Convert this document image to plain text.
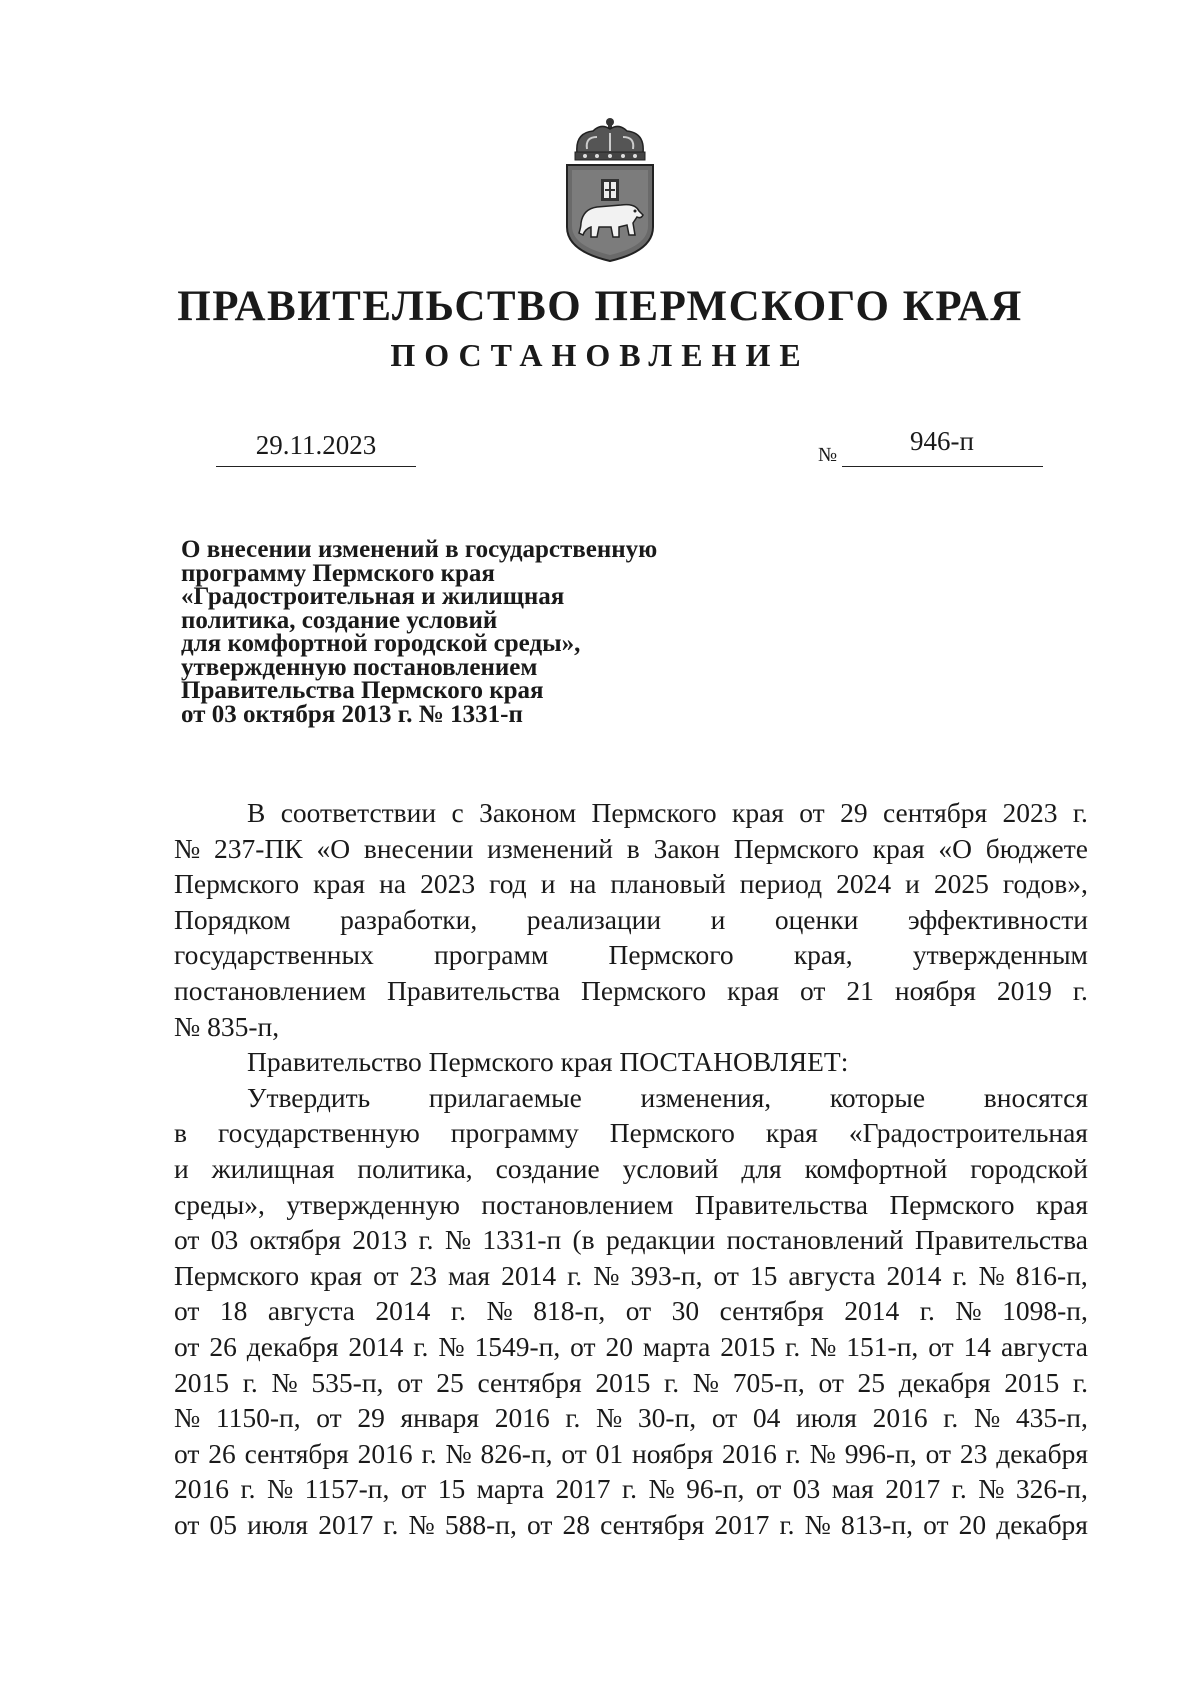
ПРАВИТЕЛЬСТВО ПЕРМСКОГО КРАЯ
ПОСТАНОВЛЕНИЕ
29.11.2023	№	946-п
О внесении изменений в государственную
программу Пермского края
«Градостроительная и жилищная
политика, создание условий
для комфортной городской среды»,
утвержденную постановлением
Правительства Пермского края
от 03 октября 2013 г. № 1331-п
В соответствии с Законом Пермского края от 29 сентября 2023 г.
№ 237-ПК «О внесении изменений в Закон Пермского края «О бюджете
Пермского края на 2023 год и на плановый период 2024 и 2025 годов»,
Порядком разработки, реализации и оценки эффективности
государственных программ Пермского края, утвержденным
постановлением Правительства Пермского края от 21 ноября 2019 г.
№ 835-п,
Правительство Пермского края ПОСТАНОВЛЯЕТ:
Утвердить прилагаемые изменения, которые вносятся
в государственную программу Пермского края «Градостроительная
и жилищная политика, создание условий для комфортной городской
среды», утвержденную постановлением Правительства Пермского края
от 03 октября 2013 г. № 1331-п (в редакции постановлений Правительства
Пермского края от 23 мая 2014 г. № 393-п, от 15 августа 2014 г. № 816-п,
от 18 августа 2014 г. № 818-п, от 30 сентября 2014 г. № 1098-п,
от 26 декабря 2014 г. № 1549-п, от 20 марта 2015 г. № 151-п, от 14 августа
2015 г. № 535-п, от 25 сентября 2015 г. № 705-п, от 25 декабря 2015 г.
№ 1150-п, от 29 января 2016 г. № 30-п, от 04 июля 2016 г. № 435-п,
от 26 сентября 2016 г. № 826-п, от 01 ноября 2016 г. № 996-п, от 23 декабря
2016 г. № 1157-п, от 15 марта 2017 г. № 96-п, от 03 мая 2017 г. № 326-п,
от 05 июля 2017 г. № 588-п, от 28 сентября 2017 г. № 813-п, от 20 декабря
